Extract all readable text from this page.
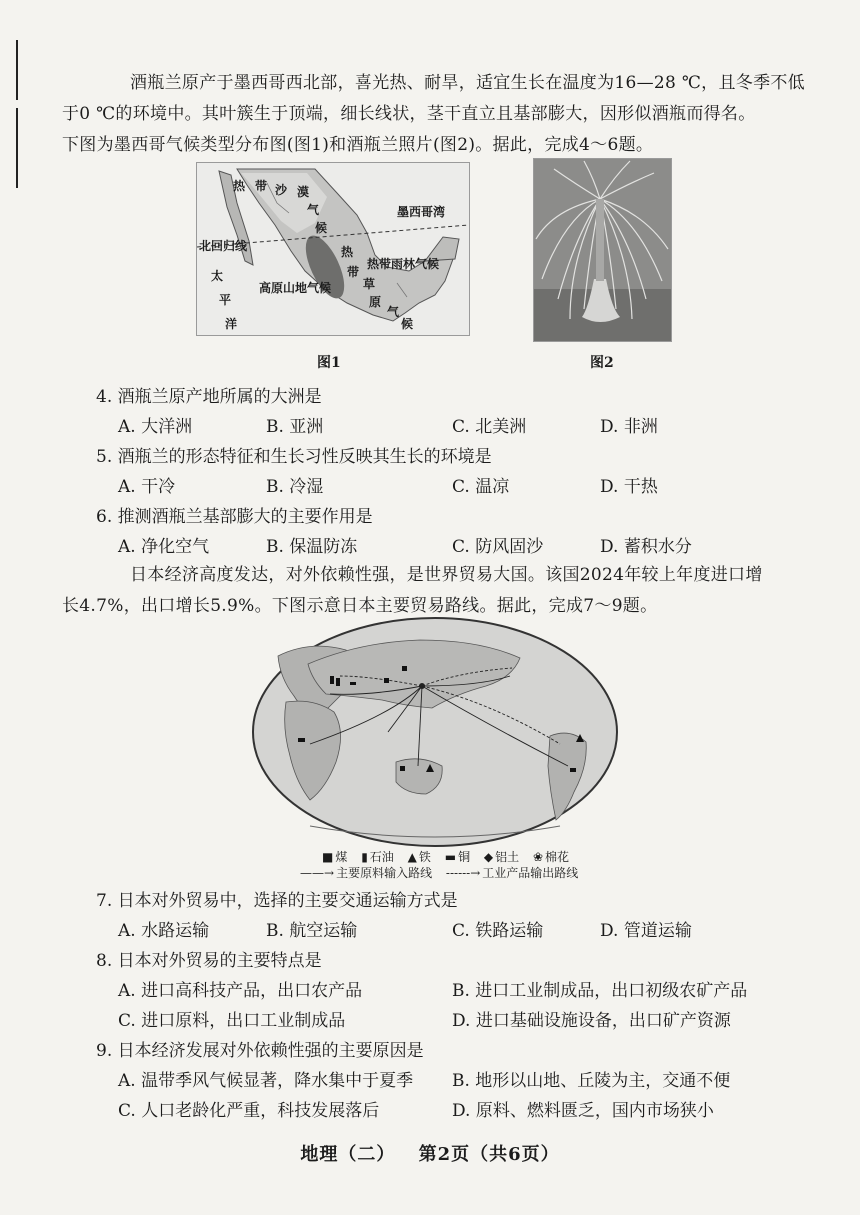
酒瓶兰原产于墨西哥西北部，喜光热、耐旱，适宜生长在温度为16—28 ℃，且冬季不低
于0 ℃的环境中。其叶簇生于顶端，细长线状，茎干直立且基部膨大，因形似酒瓶而得名。
下图为墨西哥气候类型分布图(图1)和酒瓶兰照片(图2)。据此，完成4～6题。
热 带 沙 漠
气
候
墨西哥湾
北回归线
太
平
洋
高原山地气候
热带雨林气候
热
带
草
原
气
候
图1	图2
4. 酒瓶兰原产地所属的大洲是
A. 大洋洲	B. 亚洲	C. 北美洲	D. 非洲
5. 酒瓶兰的形态特征和生长习性反映其生长的环境是
A. 干冷	B. 冷湿	C. 温凉	D. 干热
6. 推测酒瓶兰基部膨大的主要作用是
A. 净化空气	B. 保温防冻	C. 防风固沙	D. 蓄积水分
日本经济高度发达，对外依赖性强，是世界贸易大国。该国2024年较上年度进口增
长4.7%，出口增长5.9%。下图示意日本主要贸易路线。据此，完成7～9题。
■ 煤 ▮ 石油 ▲ 铁 ▬ 铜 ◆ 铝土 ❀ 棉花
——→ 主要原料输入路线 ------→ 工业产品输出路线
7. 日本对外贸易中，选择的主要交通运输方式是
A. 水路运输	B. 航空运输	C. 铁路运输	D. 管道运输
8. 日本对外贸易的主要特点是
A. 进口高科技产品，出口农产品	B. 进口工业制成品，出口初级农矿产品
C. 进口原料，出口工业制成品	D. 进口基础设施设备，出口矿产资源
9. 日本经济发展对外依赖性强的主要原因是
A. 温带季风气候显著，降水集中于夏季 B. 地形以山地、丘陵为主，交通不便
C. 人口老龄化严重，科技发展落后	D. 原料、燃料匮乏，国内市场狭小
地理（二） 第2页（共6页）
